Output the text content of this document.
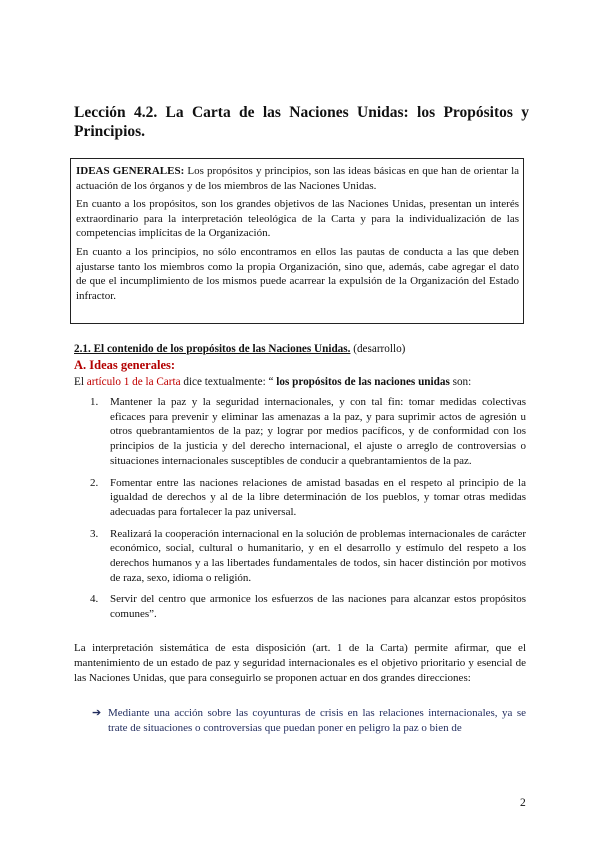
Lección 4.2. La Carta de las Naciones Unidas: los Propósitos y Principios.

IDEAS GENERALES: Los propósitos y principios, son las ideas básicas en que han de orientar la actuación de los órganos y de los miembros de las Naciones Unidas.

En cuanto a los propósitos, son los grandes objetivos de las Naciones Unidas, presentan un interés extraordinario para la interpretación teleológica de la Carta y para la individualización de las competencias implícitas de la Organización.

En cuanto a los principios, no sólo encontramos en ellos las pautas de conducta a las que deben ajustarse tanto los miembros como la propia Organización, sino que, además, cabe agregar el dato de que el incumplimiento de los mismos puede acarrear la expulsión de la Organización del Estado infractor.

2.1. El contenido de los propósitos de las Naciones Unidas. (desarrollo)
A. Ideas generales:
El artículo 1 de la Carta dice textualmente: “ los propósitos de las naciones unidas son:
1. Mantener la paz y la seguridad internacionales, y con tal fin: tomar medidas colectivas eficaces para prevenir y eliminar las amenazas a la paz, y para suprimir actos de agresión u otros quebrantamientos de la paz; y lograr por medios pacíficos, y de conformidad con los principios de la justicia y del derecho internacional, el ajuste o arreglo de controversias o situaciones internacionales susceptibles de conducir a quebrantamientos de la paz.
2. Fomentar entre las naciones relaciones de amistad basadas en el respeto al principio de la igualdad de derechos y al de la libre determinación de los pueblos, y tomar otras medidas adecuadas para fortalecer la paz universal.
3. Realizará la cooperación internacional en la solución de problemas internacionales de carácter económico, social, cultural o humanitario, y en el desarrollo y estímulo del respeto a los derechos humanos y a las libertades fundamentales de todos, sin hacer distinción por motivos de raza, sexo, idioma o religión.
4. Servir del centro que armonice los esfuerzos de las naciones para alcanzar estos propósitos comunes”.
La interpretación sistemática de esta disposición (art. 1 de la Carta) permite afirmar, que el mantenimiento de un estado de paz y seguridad internacionales es el objetivo prioritario y esencial de las Naciones Unidas, que para conseguirlo se proponen actuar en dos grandes direcciones:
➔ Mediante una acción sobre las coyunturas de crisis en las relaciones internacionales, ya se trate de situaciones o controversias que puedan poner en peligro la paz o bien de
2
